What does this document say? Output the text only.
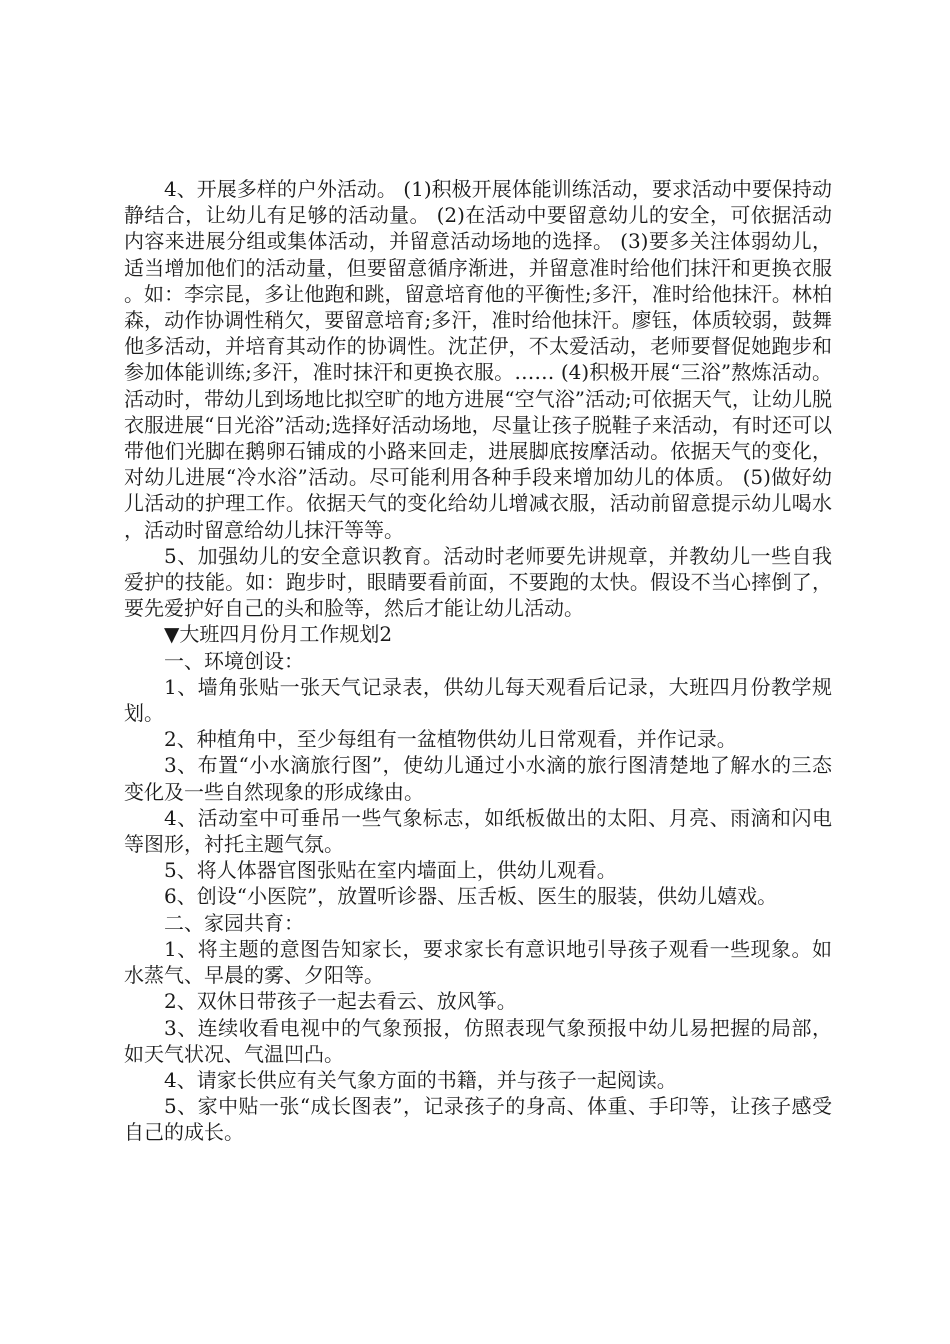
4、开展多样的户外活动。 (1)积极开展体能训练活动，要求活动中要保持动静结合，让幼儿有足够的活动量。 (2)在活动中要留意幼儿的安全，可依据活动内容来进展分组或集体活动，并留意活动场地的选择。 (3)要多关注体弱幼儿，适当增加他们的活动量，但要留意循序渐进，并留意准时给他们抹汗和更换衣服。如：李宗昆，多让他跑和跳，留意培育他的平衡性;多汗，准时给他抹汗。林柏森，动作协调性稍欠，要留意培育;多汗，准时给他抹汗。廖钰，体质较弱，鼓舞他多活动，并培育其动作的协调性。沈芷伊，不太爱活动，老师要督促她跑步和参加体能训练;多汗，准时抹汗和更换衣服。…… (4)积极开展“三浴”熬炼活动。活动时，带幼儿到场地比拟空旷的地方进展“空气浴”活动;可依据天气，让幼儿脱衣服进展“日光浴”活动;选择好活动场地，尽量让孩子脱鞋子来活动，有时还可以带他们光脚在鹅卵石铺成的小路来回走，进展脚底按摩活动。依据天气的变化，对幼儿进展“冷水浴”活动。尽可能利用各种手段来增加幼儿的体质。 (5)做好幼儿活动的护理工作。依据天气的变化给幼儿增减衣服，活动前留意提示幼儿喝水，活动时留意给幼儿抹汗等等。

5、加强幼儿的安全意识教育。活动时老师要先讲规章，并教幼儿一些自我爱护的技能。如：跑步时，眼睛要看前面，不要跑的太快。假设不当心摔倒了，要先爱护好自己的头和脸等，然后才能让幼儿活动。

▼大班四月份月工作规划2

一、环境创设：

1、墙角张贴一张天气记录表，供幼儿每天观看后记录，大班四月份教学规划。

2、种植角中，至少每组有一盆植物供幼儿日常观看，并作记录。

3、布置“小水滴旅行图”，使幼儿通过小水滴的旅行图清楚地了解水的三态变化及一些自然现象的形成缘由。

4、活动室中可垂吊一些气象标志，如纸板做出的太阳、月亮、雨滴和闪电等图形，衬托主题气氛。

5、将人体器官图张贴在室内墙面上，供幼儿观看。

6、创设“小医院”，放置听诊器、压舌板、医生的服装，供幼儿嬉戏。

二、家园共育：

1、将主题的意图告知家长，要求家长有意识地引导孩子观看一些现象。如水蒸气、早晨的雾、夕阳等。

2、双休日带孩子一起去看云、放风筝。

3、连续收看电视中的气象预报，仿照表现气象预报中幼儿易把握的局部，如天气状况、气温凹凸。

4、请家长供应有关气象方面的书籍，并与孩子一起阅读。

5、家中贴一张“成长图表”，记录孩子的身高、体重、手印等，让孩子感受自己的成长。
